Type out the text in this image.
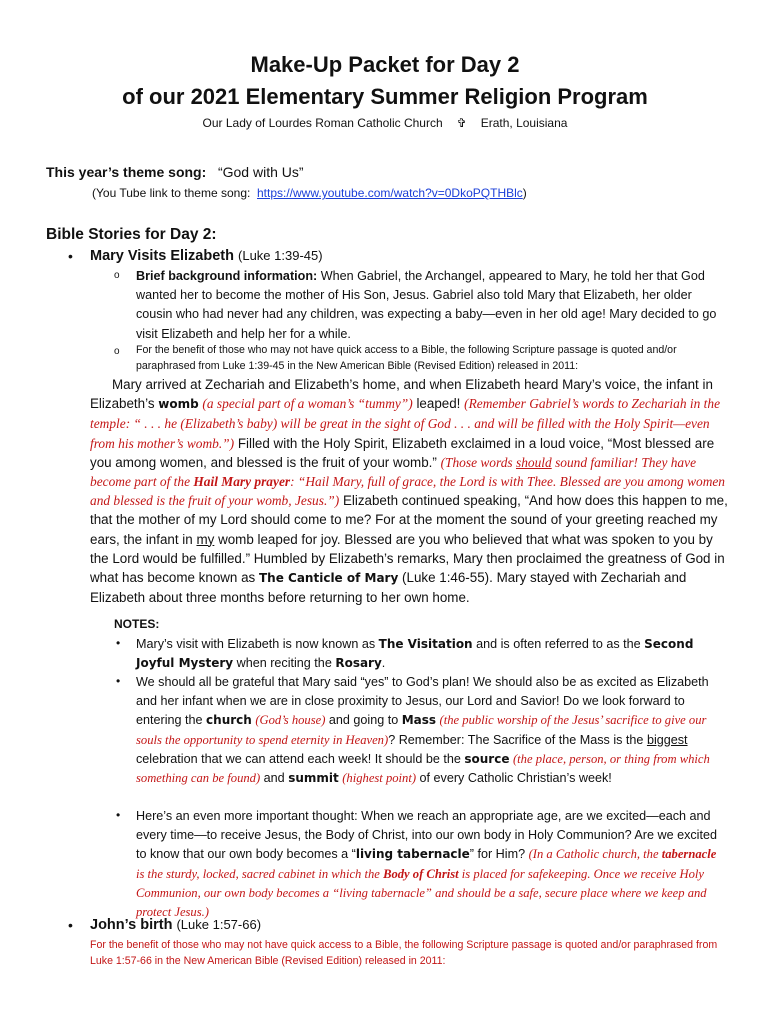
Make-Up Packet for Day 2
of our 2021 Elementary Summer Religion Program
Our Lady of Lourdes Roman Catholic Church ✞ Erath, Louisiana
This year’s theme song: “God with Us”
(You Tube link to theme song: https://www.youtube.com/watch?v=0DkoPQTHBlc)
Bible Stories for Day 2:
• Mary Visits Elizabeth (Luke 1:39-45)
o Brief background information: When Gabriel, the Archangel, appeared to Mary, he told her that God wanted her to become the mother of His Son, Jesus. Gabriel also told Mary that Elizabeth, her older cousin who had never had any children, was expecting a baby—even in her old age! Mary decided to go visit Elizabeth and help her for a while.
o For the benefit of those who may not have quick access to a Bible, the following Scripture passage is quoted and/or paraphrased from Luke 1:39-45 in the New American Bible (Revised Edition) released in 2011:
Mary arrived at Zechariah and Elizabeth’s home, and when Elizabeth heard Mary’s voice, the infant in Elizabeth’s womb (a special part of a woman’s “tummy”) leaped! (Remember Gabriel’s words to Zechariah in the temple: “ . . . he (Elizabeth’s baby) will be great in the sight of God . . . and will be filled with the Holy Spirit—even from his mother’s womb.”) Filled with the Holy Spirit, Elizabeth exclaimed in a loud voice, “Most blessed are you among women, and blessed is the fruit of your womb.” (Those words should sound familiar! They have become part of the Hail Mary prayer: “Hail Mary, full of grace, the Lord is with Thee. Blessed are you among women and blessed is the fruit of your womb, Jesus.”) Elizabeth continued speaking, “And how does this happen to me, that the mother of my Lord should come to me? For at the moment the sound of your greeting reached my ears, the infant in my womb leaped for joy. Blessed are you who believed that what was spoken to you by the Lord would be fulfilled.” Humbled by Elizabeth’s remarks, Mary then proclaimed the greatness of God in what has become known as The Canticle of Mary (Luke 1:46-55). Mary stayed with Zechariah and Elizabeth about three months before returning to her own home.
NOTES:
• Mary’s visit with Elizabeth is now known as The Visitation and is often referred to as the Second Joyful Mystery when reciting the Rosary.
• We should all be grateful that Mary said “yes” to God’s plan! We should also be as excited as Elizabeth and her infant when we are in close proximity to Jesus, our Lord and Savior! Do we look forward to entering the church (God’s house) and going to Mass (the public worship of the Jesus’ sacrifice to give our souls the opportunity to spend eternity in Heaven)? Remember: The Sacrifice of the Mass is the biggest celebration that we can attend each week! It should be the source (the place, person, or thing from which something can be found) and summit (highest point) of every Catholic Christian’s week!
• Here’s an even more important thought: When we reach an appropriate age, are we excited—each and every time—to receive Jesus, the Body of Christ, into our own body in Holy Communion? Are we excited to know that our own body becomes a “living tabernacle” for Him? (In a Catholic church, the tabernacle is the sturdy, locked, sacred cabinet in which the Body of Christ is placed for safekeeping. Once we receive Holy Communion, our own body becomes a “living tabernacle” and should be a safe, secure place where we keep and protect Jesus.)
• John’s birth (Luke 1:57-66)
For the benefit of those who may not have quick access to a Bible, the following Scripture passage is quoted and/or paraphrased from Luke 1:57-66 in the New American Bible (Revised Edition) released in 2011:
